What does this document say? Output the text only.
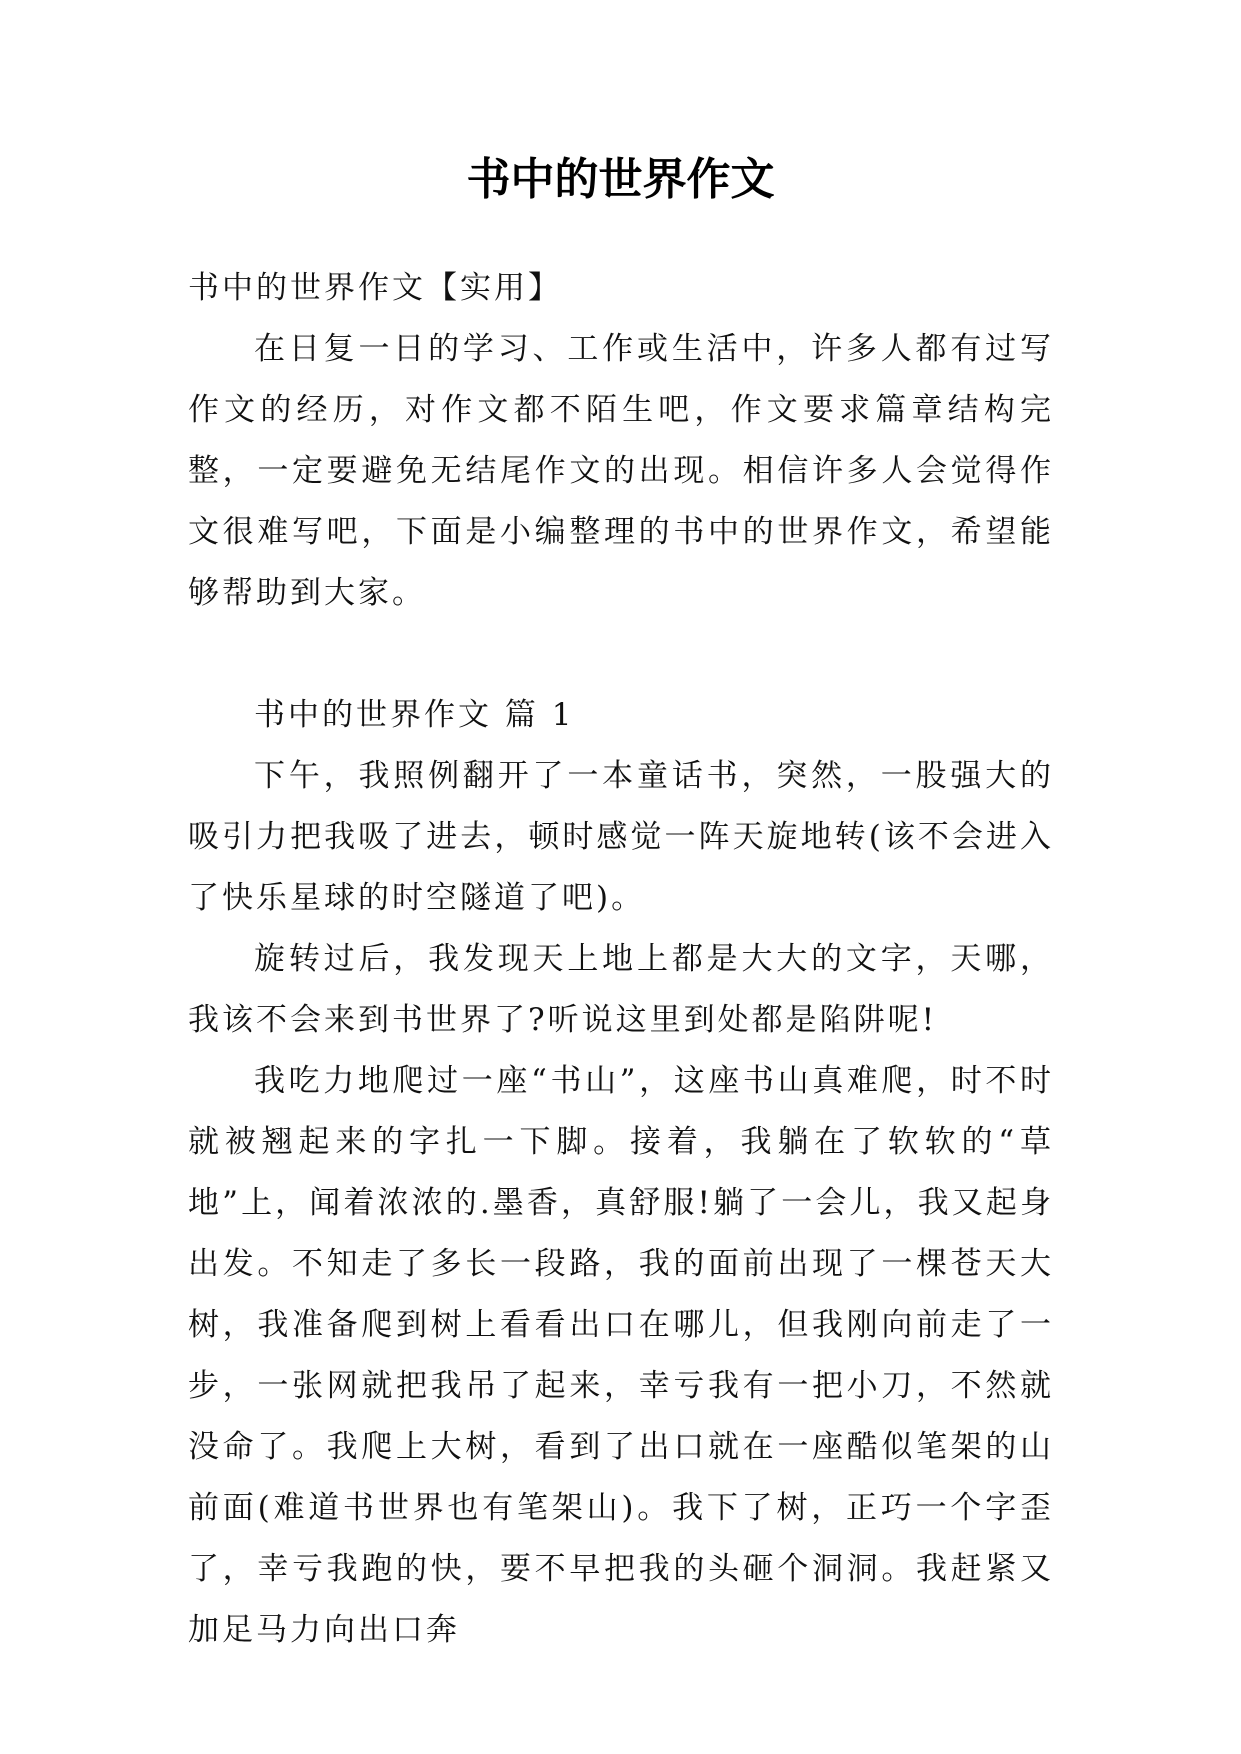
书中的世界作文

书中的世界作文【实用】

在日复一日的学习、工作或生活中，许多人都有过写作文的经历，对作文都不陌生吧，作文要求篇章结构完整，一定要避免无结尾作文的出现。相信许多人会觉得作文很难写吧，下面是小编整理的书中的世界作文，希望能够帮助到大家。

书中的世界作文 篇 1

下午，我照例翻开了一本童话书，突然，一股强大的吸引力把我吸了进去，顿时感觉一阵天旋地转(该不会进入了快乐星球的时空隧道了吧)。

旋转过后，我发现天上地上都是大大的文字，天哪，我该不会来到书世界了?听说这里到处都是陷阱呢!

我吃力地爬过一座“书山”，这座书山真难爬，时不时就被翘起来的字扎一下脚。接着，我躺在了软软的“草地”上，闻着浓浓的.墨香，真舒服!躺了一会儿，我又起身出发。不知走了多长一段路，我的面前出现了一棵苍天大树，我准备爬到树上看看出口在哪儿，但我刚向前走了一步，一张网就把我吊了起来，幸亏我有一把小刀，不然就没命了。我爬上大树，看到了出口就在一座酷似笔架的山前面(难道书世界也有笔架山)。我下了树，正巧一个字歪了，幸亏我跑的快，要不早把我的头砸个洞洞。我赶紧又加足马力向出口奔
